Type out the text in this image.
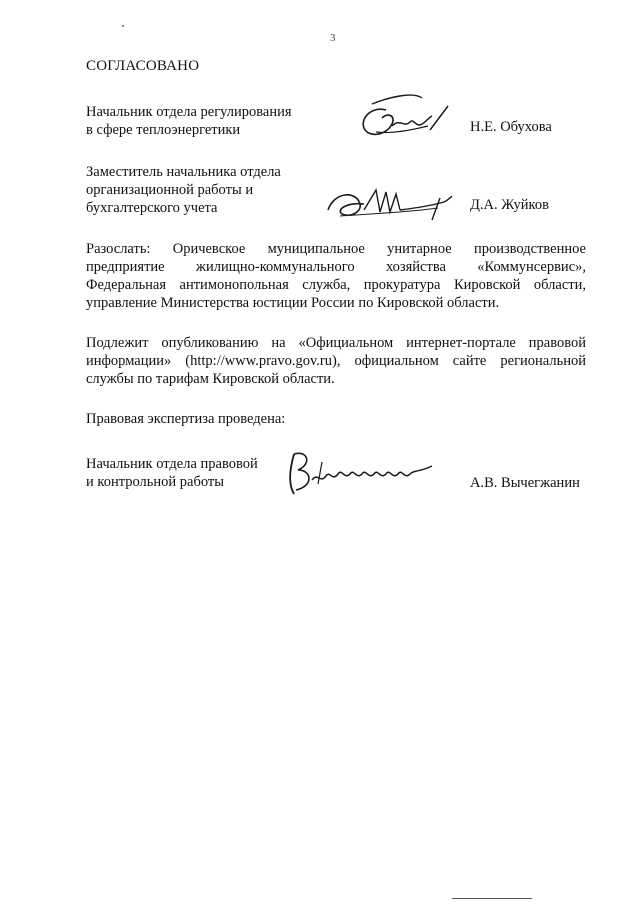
3
СОГЛАСОВАНО
Начальник отдела регулирования
в сфере теплоэнергетики	Н.Е. Обухова
Заместитель начальника отдела
организационной работы и
бухгалтерского учета	Д.А. Жуйков
Разослать: Оричевское муниципальное унитарное производственное
предприятие жилищно-коммунального хозяйства «Коммунсервис»,
Федеральная антимонопольная служба, прокуратура Кировской области,
управление Министерства юстиции России по Кировской области.
Подлежит опубликованию на «Официальном интернет-портале правовой
информации» (http://www.pravo.gov.ru), официальном сайте региональной
службы по тарифам Кировской области.
Правовая экспертиза проведена:
Начальник отдела правовой
и контрольной работы	А.В. Вычегжанин
